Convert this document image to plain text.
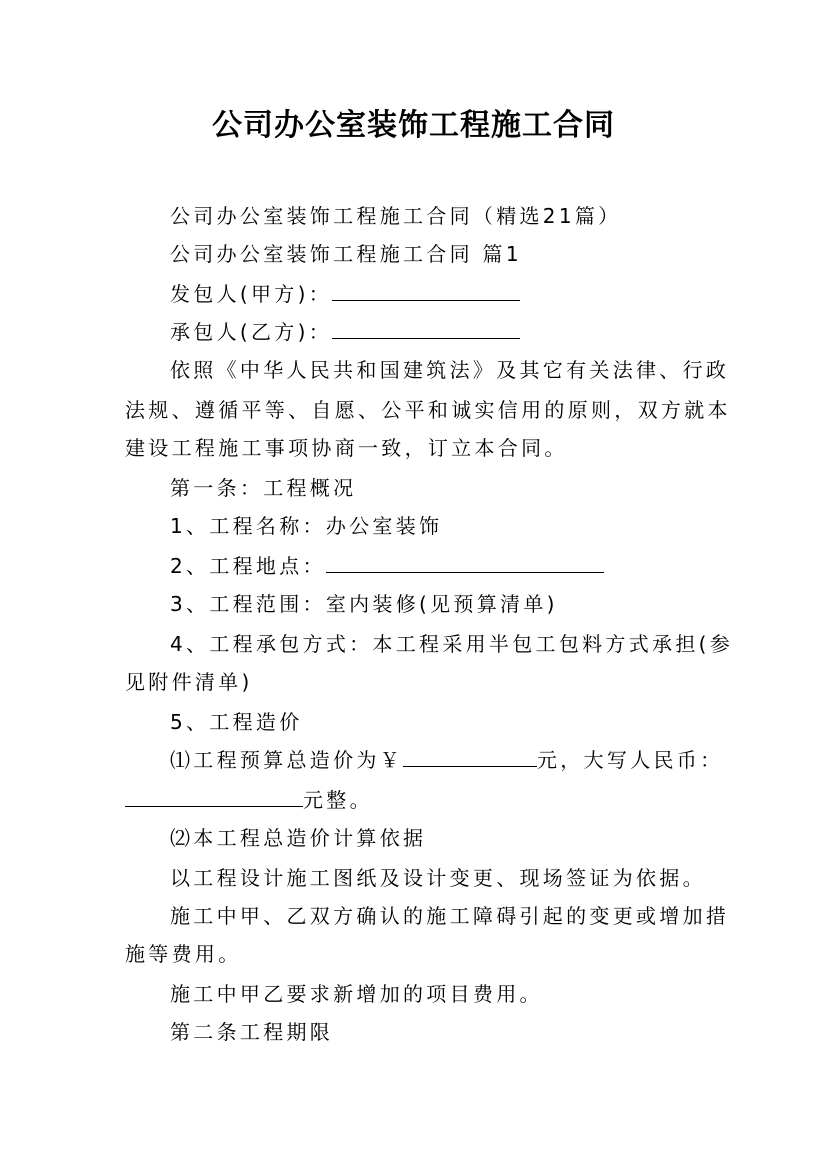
公司办公室装饰工程施工合同
公司办公室装饰工程施工合同（精选21篇）
公司办公室装饰工程施工合同 篇1
发包人(甲方)：
承包人(乙方)：
依照《中华人民共和国建筑法》及其它有关法律、行政
法规、遵循平等、自愿、公平和诚实信用的原则，双方就本
建设工程施工事项协商一致，订立本合同。
第一条：工程概况
1、工程名称：办公室装饰
2、工程地点：
3、工程范围：室内装修(见预算清单)
4、工程承包方式：本工程采用半包工包料方式承担(参
见附件清单)
5、工程造价
⑴工程预算总造价为￥	元，大写人民币：
元整。
⑵本工程总造价计算依据
以工程设计施工图纸及设计变更、现场签证为依据。
施工中甲、乙双方确认的施工障碍引起的变更或增加措
施等费用。
施工中甲乙要求新增加的项目费用。
第二条工程期限
